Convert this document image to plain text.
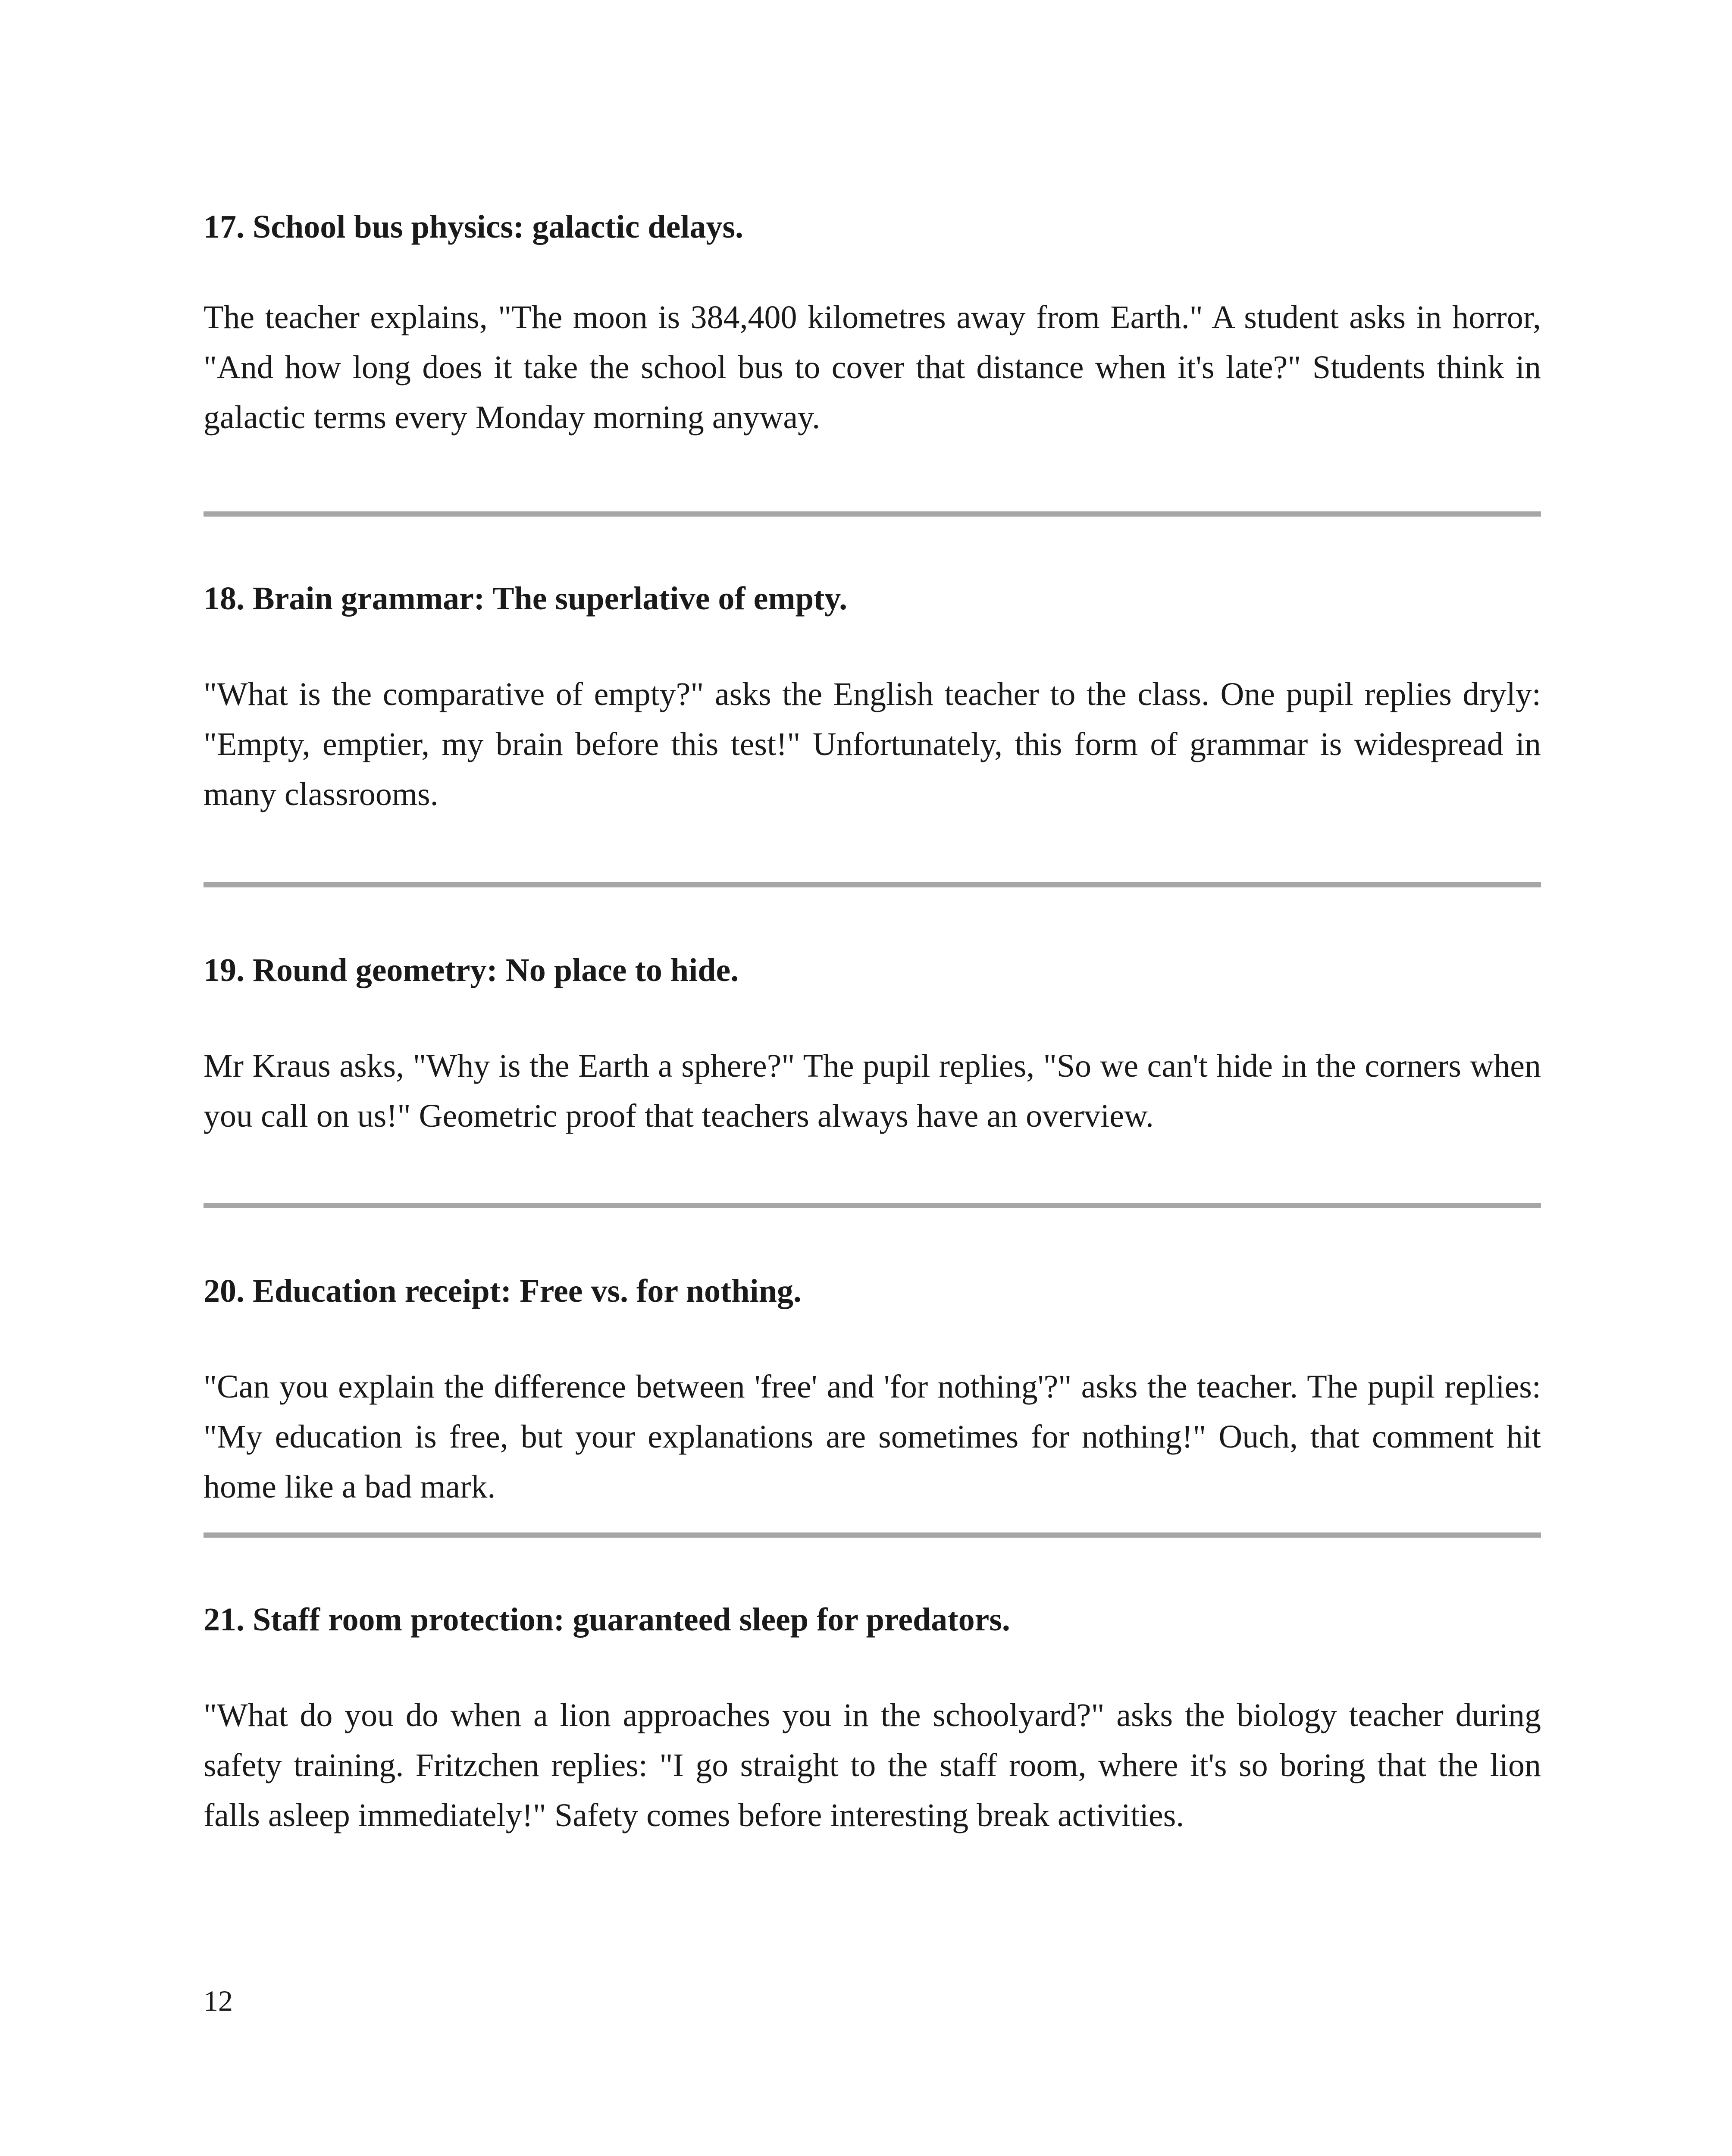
17. School bus physics: galactic delays.

The teacher explains, "The moon is 384,400 kilometres away from Earth." A student asks in horror, "And how long does it take the school bus to cover that distance when it's late?" Students think in galactic terms every Monday morning anyway.

18. Brain grammar: The superlative of empty.

"What is the comparative of empty?" asks the English teacher to the class. One pupil replies dryly: "Empty, emptier, my brain before this test!" Unfortunately, this form of grammar is widespread in many classrooms.

19. Round geometry: No place to hide.

Mr Kraus asks, "Why is the Earth a sphere?" The pupil replies, "So we can't hide in the corners when you call on us!" Geometric proof that teachers always have an overview.

20. Education receipt: Free vs. for nothing.

"Can you explain the difference between 'free' and 'for nothing'?" asks the teacher. The pupil replies: "My education is free, but your explanations are sometimes for nothing!" Ouch, that comment hit home like a bad mark.

21. Staff room protection: guaranteed sleep for predators.

"What do you do when a lion approaches you in the schoolyard?" asks the biology teacher during safety training. Fritzchen replies: "I go straight to the staff room, where it's so boring that the lion falls asleep immediately!" Safety comes before interesting break activities.

12
